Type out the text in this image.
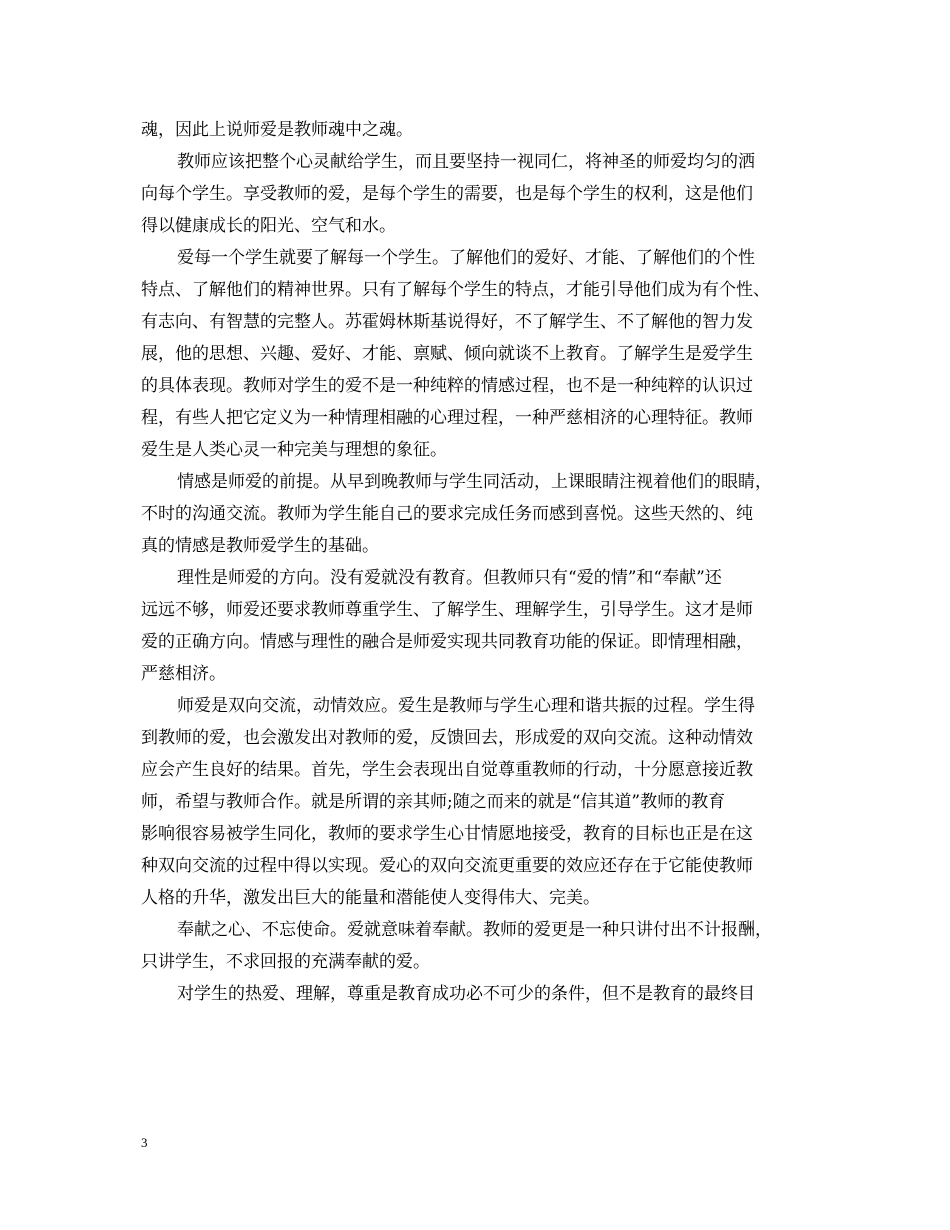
魂，因此上说师爱是教师魂中之魂。
教师应该把整个心灵献给学生，而且要坚持一视同仁，将神圣的师爱均匀的洒
向每个学生。享受教师的爱，是每个学生的需要，也是每个学生的权利，这是他们
得以健康成长的阳光、空气和水。
爱每一个学生就要了解每一个学生。了解他们的爱好、才能、了解他们的个性
特点、了解他们的精神世界。只有了解每个学生的特点，才能引导他们成为有个性、
有志向、有智慧的完整人。苏霍姆林斯基说得好，不了解学生、不了解他的智力发
展，他的思想、兴趣、爱好、才能、禀赋、倾向就谈不上教育。了解学生是爱学生
的具体表现。教师对学生的爱不是一种纯粹的情感过程，也不是一种纯粹的认识过
程，有些人把它定义为一种情理相融的心理过程，一种严慈相济的心理特征。教师
爱生是人类心灵一种完美与理想的象征。
情感是师爱的前提。从早到晚教师与学生同活动，上课眼睛注视着他们的眼睛，
不时的沟通交流。教师为学生能自己的要求完成任务而感到喜悦。这些天然的、纯
真的情感是教师爱学生的基础。
理性是师爱的方向。没有爱就没有教育。但教师只有“爱的情”和“奉献”还
远远不够，师爱还要求教师尊重学生、了解学生、理解学生，引导学生。这才是师
爱的正确方向。情感与理性的融合是师爱实现共同教育功能的保证。即情理相融，
严慈相济。
师爱是双向交流，动情效应。爱生是教师与学生心理和谐共振的过程。学生得
到教师的爱，也会激发出对教师的爱，反馈回去，形成爱的双向交流。这种动情效
应会产生良好的结果。首先，学生会表现出自觉尊重教师的行动，十分愿意接近教
师，希望与教师合作。就是所谓的亲其师;随之而来的就是“信其道”教师的教育
影响很容易被学生同化，教师的要求学生心甘情愿地接受，教育的目标也正是在这
种双向交流的过程中得以实现。爱心的双向交流更重要的效应还存在于它能使教师
人格的升华，激发出巨大的能量和潜能使人变得伟大、完美。
奉献之心、不忘使命。爱就意味着奉献。教师的爱更是一种只讲付出不计报酬，
只讲学生，不求回报的充满奉献的爱。
对学生的热爱、理解，尊重是教育成功必不可少的条件，但不是教育的最终目
3
